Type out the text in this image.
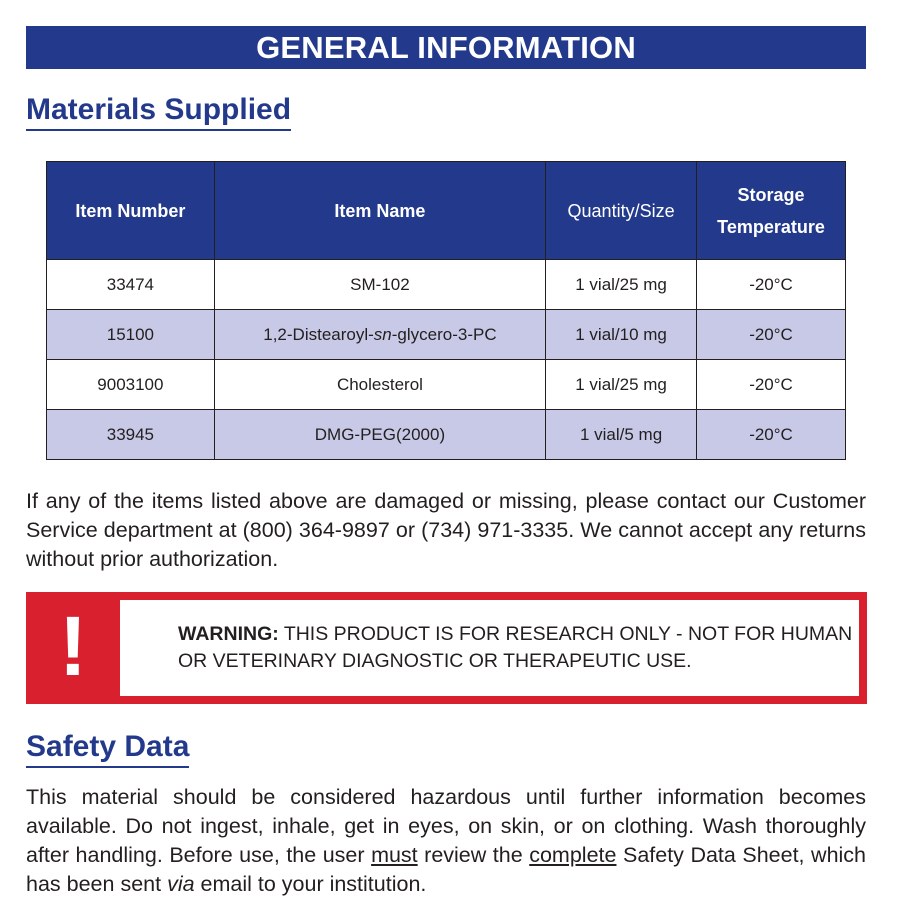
GENERAL INFORMATION
Materials Supplied
Item Number	Item Name	Quantity/Size	Storage Temperature
33474	SM-102	1 vial/25 mg	-20°C
15100	1,2-Distearoyl-sn-glycero-3-PC	1 vial/10 mg	-20°C
9003100	Cholesterol	1 vial/25 mg	-20°C
33945	DMG-PEG(2000)	1 vial/5 mg	-20°C

If any of the items listed above are damaged or missing, please contact our Customer Service department at (800) 364-9897 or (734) 971-3335. We cannot accept any returns without prior authorization.

!	WARNING: THIS PRODUCT IS FOR RESEARCH ONLY - NOT FOR HUMAN OR VETERINARY DIAGNOSTIC OR THERAPEUTIC USE.
Safety Data

This material should be considered hazardous until further information becomes available. Do not ingest, inhale, get in eyes, on skin, or on clothing. Wash thoroughly after handling. Before use, the user must review the complete Safety Data Sheet, which has been sent via email to your institution.
